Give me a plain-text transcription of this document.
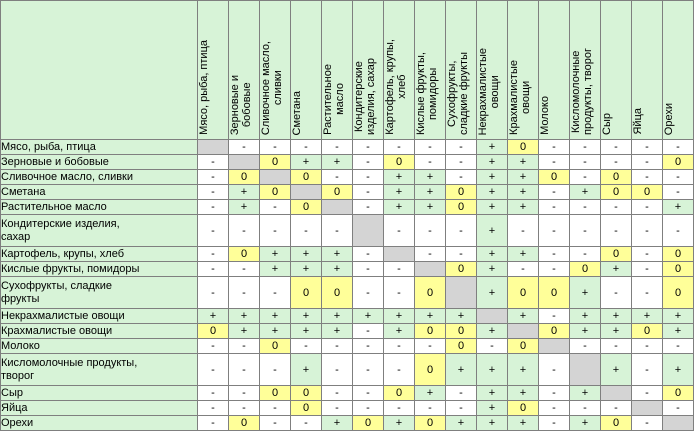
	Мясо, рыба, птица	Зерновые и
бобовые	Сливочное масло,
сливки	Сметана	Растительное
масло	Кондитерские
изделия, сахар	Картофель, крупы,
хлеб	Кислые фрукты,
помидоры	Сухофрукты,
сладкие фрукты	Некрахмалистые
овощи	Крахмалистые
овощи	Молоко	Кисломолочные
продукты, творог	Сыр	Яйца	Орехи

Мясо, рыба, птица		-	-	-	-	-	-	-	-	+	0	-	-	-	-	-
Зерновые и бобовые	-		0	+	+	-	0	-	-	+	+	-	-	-	-	0
Сливочное масло, сливки	-	0		0	-	-	+	+	-	+	+	0	-	0	-	-
Сметана	-	+	0		0	-	+	+	0	+	+	-	+	0	0	-
Растительное масло	-	+	-	0		-	+	+	0	+	+	-	-	-	-	+
Кондитерские изделия,
сахар	-	-	-	-	-		-	-	-	+	-	-	-	-	-	-
Картофель, крупы, хлеб	-	0	+	+	+	-		-	-	+	+	-	-	0	-	0
Кислые фрукты, помидоры	-	-	+	+	+	-	-		0	+	-	-	0	+	-	0
Сухофрукты, сладкие
фрукты	-	-	-	0	0	-	-	0		+	0	0	+	-	-	0
Некрахмалистые овощи	+	+	+	+	+	+	+	+	+		+	-	+	+	+	+
Крахмалистые овощи	0	+	+	+	+	-	+	0	0	+		0	+	+	0	+
Молоко	-	-	0	-	-	-	-	-	0	-	0		-	-	-	-
Кисломолочные продукты,
творог	-	-	-	+	-	-	-	0	+	+	+	-		+	-	+
Сыр	-	-	0	0	-	-	0	+	-	+	+	-	+		-	0
Яйца	-	-	-	0	-	-	-	-	-	+	0	-	-	-		-
Орехи	-	0	-	-	+	0	+	0	+	+	+	-	+	0	-	
